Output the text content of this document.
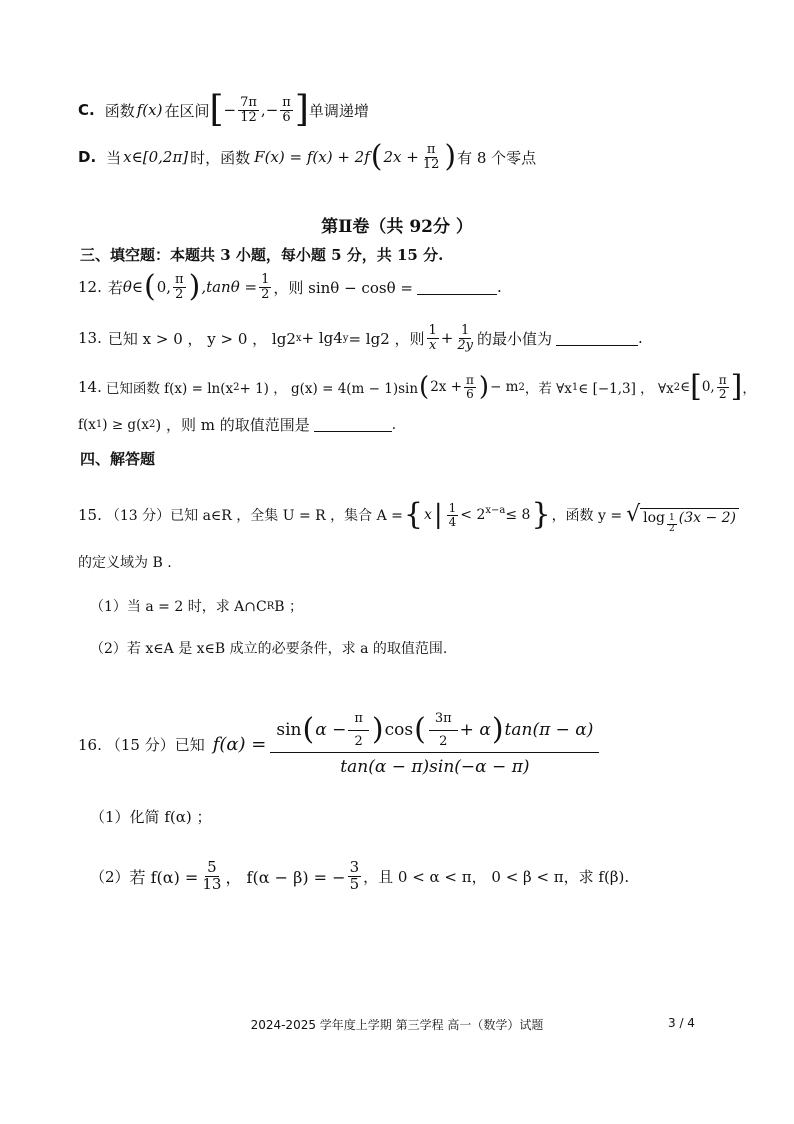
C. 函数 f(x) 在区间 [ − $\frac{7\pi}{12}$ ,− $\frac{\pi}{6}$ ] 单调递增
D. 当 x∈[0,2π] 时，函数 F(x) = f(x) + 2f ( $2x + \frac{\pi}{12}$ ) 有 8 个零点
第Ⅱ卷（共 92分 ）
三、填空题：本题共 3 小题，每小题 5 分，共 15 分.
12. 若 θ∈ ( 0, $\frac{\pi}{2}$ ) $,\tan\theta = \frac{1}{2}$ ，则 sinθ − cosθ =	.
13. 已知 x > 0 ， y > 0 ， lg2 x + lg4 y = lg2 ，则 $\frac{1}{x} + \frac{1}{2y}$ 的最小值为	.
14. 已知函数 f(x) = ln(x 2 + 1) ， g(x) = 4(m − 1)sin ( $2x + \frac{\pi}{6}$ ) − m 2 ，若 ∀x 1 ∈ [−1,3] ， ∀x 2 ∈ [ 0, $\frac{\pi}{2}$ ] ，
f(x 1 ) ≥ g(x 2 ) ，则 m 的取值范围是	.
四、解答题
15. （13 分）已知 a∈R ，全集 U = R ，集合 A = { x | $\frac{1}{4} < 2^{x-a} \le 8$ } ，函数 y = √ $\log \frac{1}{2} (3x - 2)$
的定义域为 B .
（1） 当 a = 2 时，求 A∩C R B ；
（2） 若 x∈A 是 x∈B 成立的必要条件，求 a 的取值范围.
16. （15 分）已知 f(α) =
sin ( $\alpha - \frac{\pi}{2}$ ) cos ( $\frac{3\pi}{2} + \alpha$ ) tan(π − α)
tan(α − π)sin(−α − π)
（1） 化简 f(α) ；
（2） 若 $f(\alpha) = \frac{5}{13}$ ， f(α − β) = − $\frac{3}{5}$ ，且 0 < α < π， 0 < β < π，求 f(β).
2024-2025 学年度上学期 第三学程 高一（数学）试题	3 / 4
